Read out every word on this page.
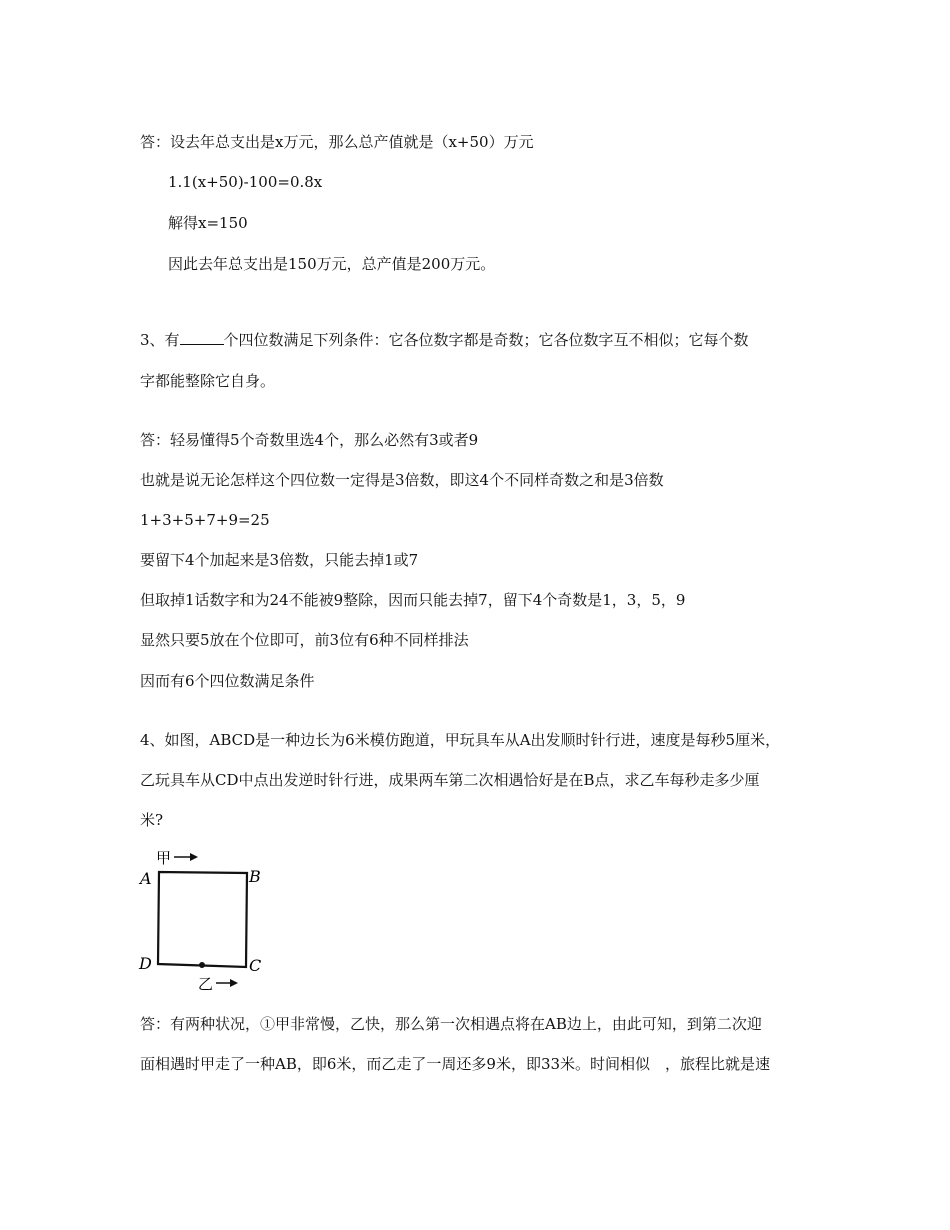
答：设去年总支出是x万元，那么总产值就是（x+50）万元
1.1(x+50)-100=0.8x
解得x=150
因此去年总支出是150万元，总产值是200万元。
3、有	个四位数满足下列条件：它各位数字都是奇数；它各位数字互不相似；它每个数
字都能整除它自身。
答：轻易懂得5个奇数里选4个，那么必然有3或者9
也就是说无论怎样这个四位数一定得是3倍数，即这4个不同样奇数之和是3倍数
1+3+5+7+9=25
要留下4个加起来是3倍数，只能去掉1或7
但取掉1话数字和为24不能被9整除，因而只能去掉7，留下4个奇数是1，3，5，9
显然只要5放在个位即可，前3位有6种不同样排法
因而有6个四位数满足条件
4、如图，ABCD是一种边长为6米模仿跑道，甲玩具车从A出发顺时针行进，速度是每秒5厘米，
乙玩具车从CD中点出发逆时针行进，成果两车第二次相遇恰好是在B点，求乙车每秒走多少厘
米?
甲
A	B
C
D
乙
答：有两种状况，①甲非常慢，乙快，那么第一次相遇点将在AB边上，由此可知，到第二次迎
面相遇时甲走了一种AB，即6米，而乙走了一周还多9米，即33米。时间相似　，旅程比就是速
